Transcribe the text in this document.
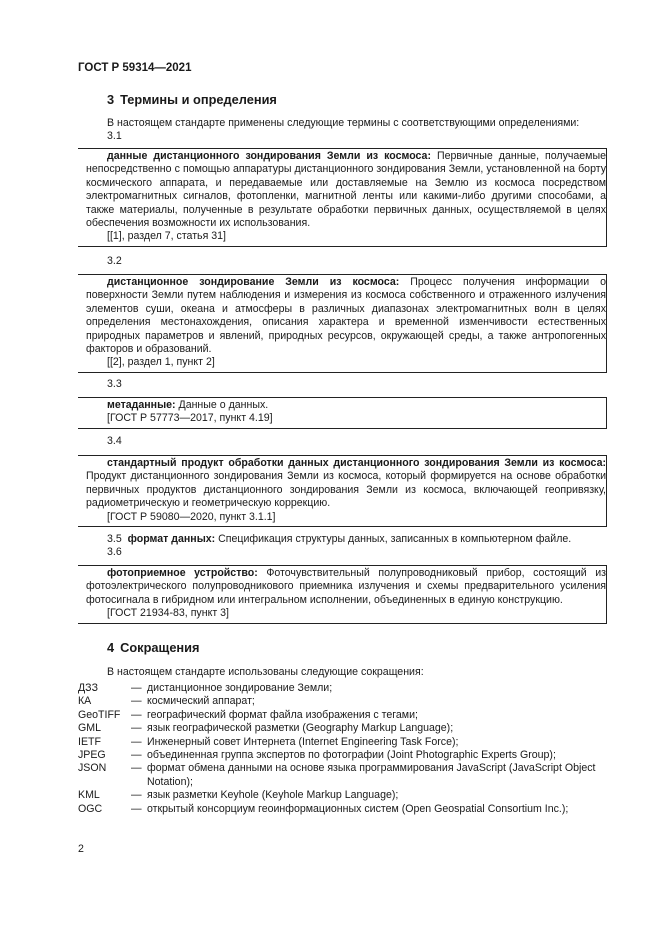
ГОСТ Р 59314—2021
3 Термины и определения
В настоящем стандарте применены следующие термины с соответствующими определениями:
3.1
данные дистанционного зондирования Земли из космоса: Первичные данные, получаемые непосредственно с помощью аппаратуры дистанционного зондирования Земли, установленной на борту космического аппарата, и передаваемые или доставляемые на Землю из космоса посредством электромагнитных сигналов, фотопленки, магнитной ленты или какими-либо другими способами, а также материалы, полученные в результате обработки первичных данных, осуществляемой в целях обеспечения возможности их использования.
[[1], раздел 7, статья 31]
3.2
дистанционное зондирование Земли из космоса: Процесс получения информации о поверхности Земли путем наблюдения и измерения из космоса собственного и отраженного излучения элементов суши, океана и атмосферы в различных диапазонах электромагнитных волн в целях определения местонахождения, описания характера и временной изменчивости естественных природных параметров и явлений, природных ресурсов, окружающей среды, а также антропогенных факторов и образований.
[[2], раздел 1, пункт 2]
3.3
метаданные: Данные о данных.
[ГОСТ Р 57773—2017, пункт 4.19]
3.4
стандартный продукт обработки данных дистанционного зондирования Земли из космоса: Продукт дистанционного зондирования Земли из космоса, который формируется на основе обработки первичных продуктов дистанционного зондирования Земли из космоса, включающей геопривязку, радиометрическую и геометрическую коррекцию.
[ГОСТ Р 59080—2020, пункт 3.1.1]
3.5 формат данных: Спецификация структуры данных, записанных в компьютерном файле.
3.6
фотоприемное устройство: Фоточувствительный полупроводниковый прибор, состоящий из фотоэлектрического полупроводникового приемника излучения и схемы предварительного усиления фотосигнала в гибридном или интегральном исполнении, объединенных в единую конструкцию.
[ГОСТ 21934-83, пункт 3]
4 Сокращения
В настоящем стандарте использованы следующие сокращения:
ДЗЗ	— дистанционное зондирование Земли;
КА	— космический аппарат;
GeoTIFF	— географический формат файла изображения с тегами;
GML	— язык географической разметки (Geography Markup Language);
IETF	— Инженерный совет Интернета (Internet Engineering Task Force);
JPEG	— объединенная группа экспертов по фотографии (Joint Photographic Experts Group);
JSON	— формат обмена данными на основе языка программирования JavaScript (JavaScript Object Notation);
KML	— язык разметки Keyhole (Keyhole Markup Language);
OGC	— открытый консорциум геоинформационных систем (Open Geospatial Consortium Inc.);
2
